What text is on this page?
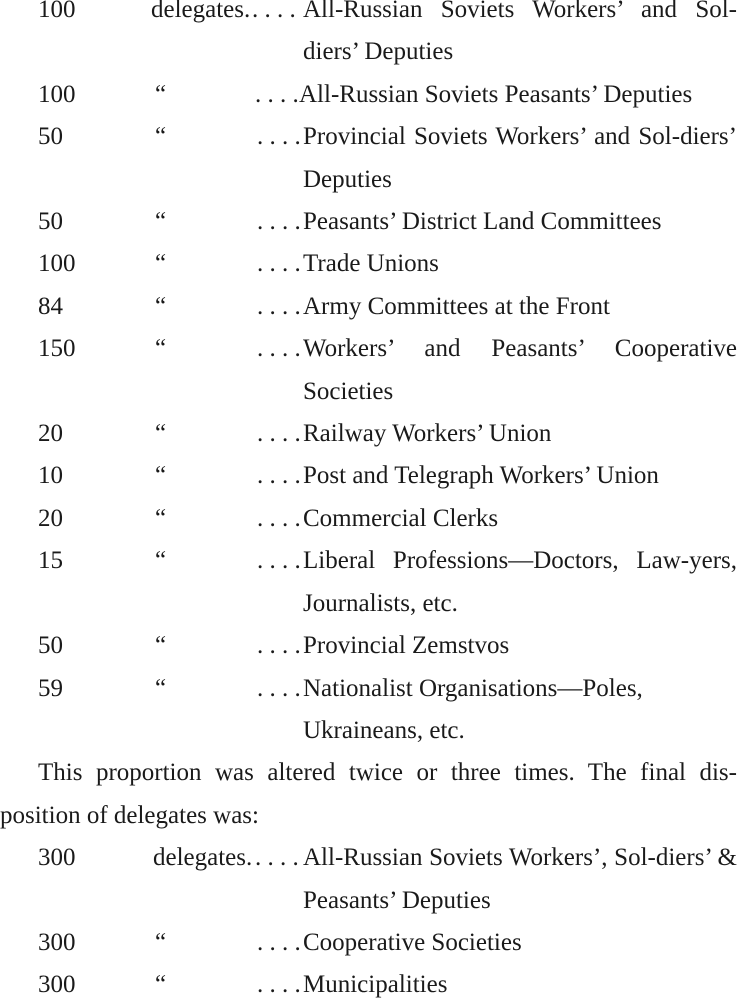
100	delegates. . . . . All-Russian Soviets Workers’ and Sol-diers’ Deputies
100	“	. . . . All-Russian Soviets Peasants’ Deputies
50	“	. . . . Provincial Soviets Workers’ and Sol-diers’ Deputies
50	“	. . . . Peasants’ District Land Committees
100	“	. . . . Trade Unions
84	“	. . . . Army Committees at the Front
150	“	. . . . Workers’ and Peasants’ Cooperative Societies
20	“	. . . . Railway Workers’ Union
10	“	. . . . Post and Telegraph Workers’ Union
20	“	. . . . Commercial Clerks
15	“	. . . . Liberal Professions—Doctors, Law-yers, Journalists, etc.
50	“	. . . . Provincial Zemstvos
59	“	. . . . Nationalist Organisations—Poles, Ukraineans, etc.
This proportion was altered twice or three times. The final dis-position of delegates was:
300	delegates. . . . . All-Russian Soviets Workers’, Sol-diers’ & Peasants’ Deputies
300	“	. . . . Cooperative Societies
300	“	. . . . Municipalities
